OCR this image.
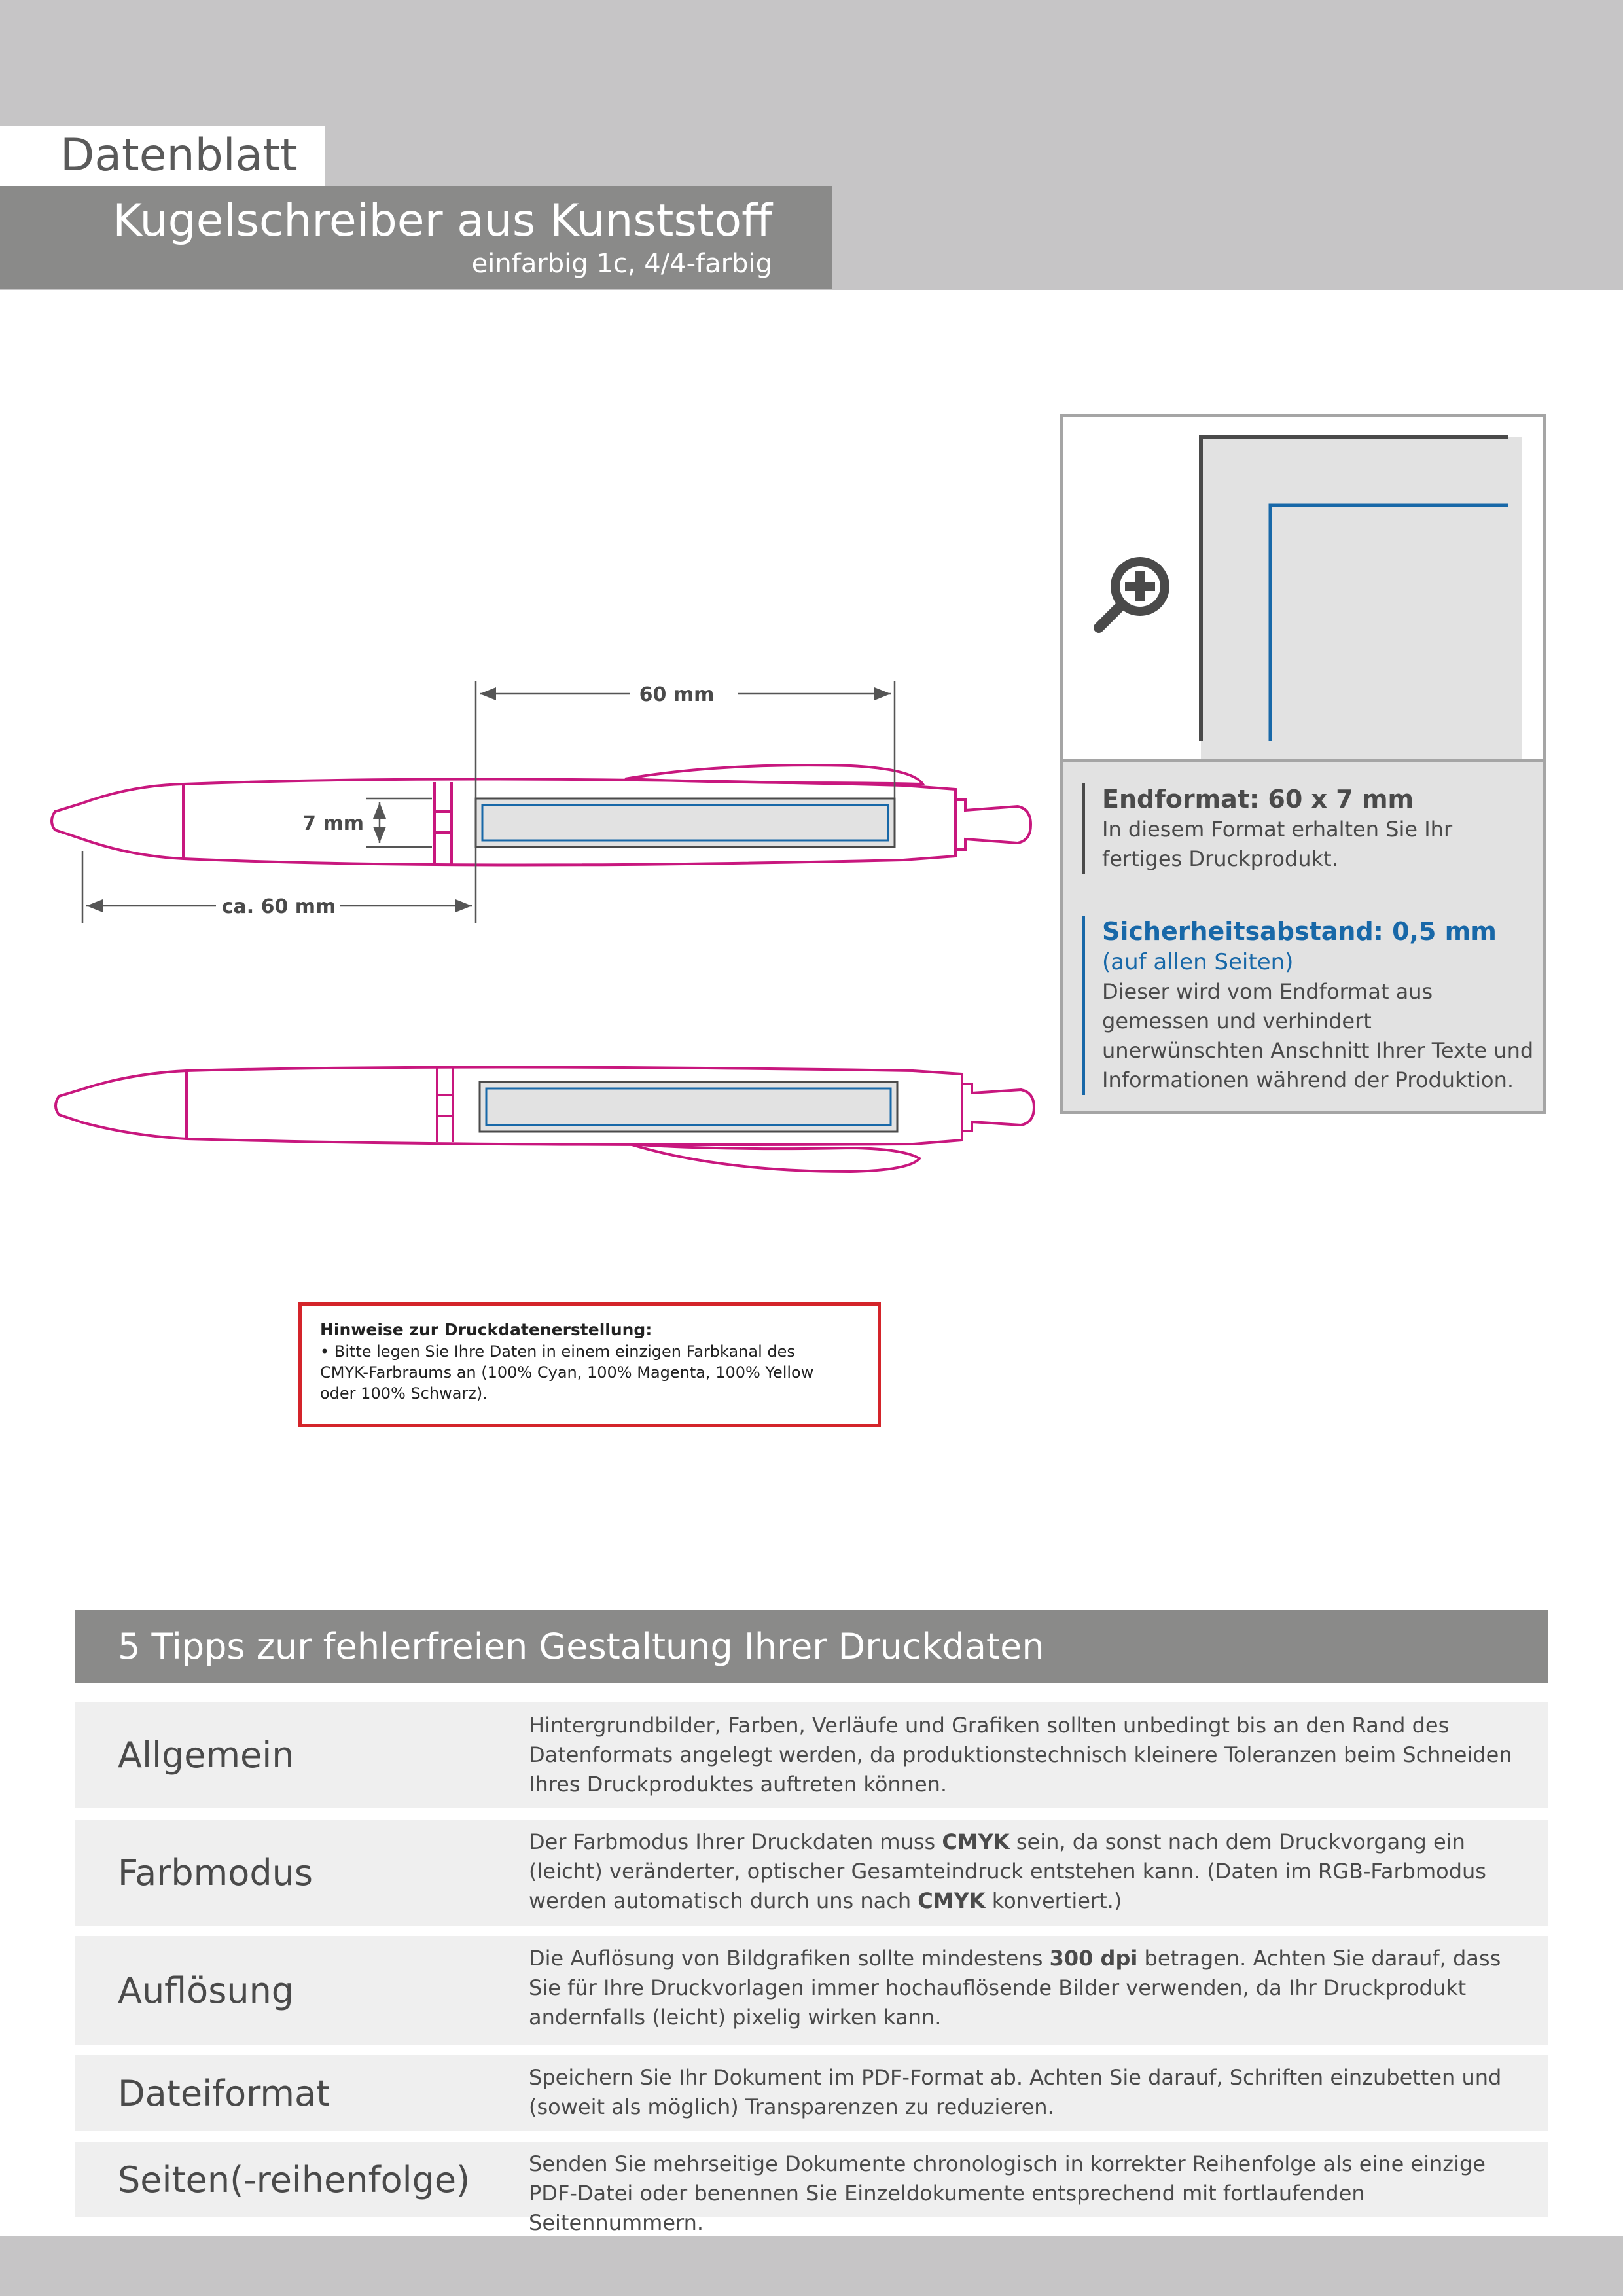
Datenblatt
Kugelschreiber aus Kunststoff
einfarbig 1c, 4/4-farbig
60 mm
7 mm
ca. 60 mm
Endformat: 60 x 7 mm
In diesem Format erhalten Sie Ihr fertiges Druckprodukt.
Sicherheitsabstand: 0,5 mm
(auf allen Seiten)
Dieser wird vom Endformat aus gemessen und verhindert unerwünschten Anschnitt Ihrer Texte und Informationen während der Produktion.
Hinweise zur Druckdatenerstellung:
• Bitte legen Sie Ihre Daten in einem einzigen Farbkanal des
CMYK-Farbraums an (100% Cyan, 100% Magenta, 100% Yellow
oder 100% Schwarz).
5 Tipps zur fehlerfreien Gestaltung Ihrer Druckdaten
Allgemein
Hintergrundbilder, Farben, Verläufe und Grafiken sollten unbedingt bis an den Rand des Datenformats angelegt werden, da produktionstechnisch kleinere Toleranzen beim Schneiden Ihres Druckproduktes auftreten können.
Farbmodus
Der Farbmodus Ihrer Druckdaten muss CMYK sein, da sonst nach dem Druckvorgang ein (leicht) veränderter, optischer Gesamteindruck entstehen kann. (Daten im RGB-Farbmodus werden automatisch durch uns nach CMYK konvertiert.)
Auflösung
Die Auflösung von Bildgrafiken sollte mindestens 300 dpi betragen. Achten Sie darauf, dass Sie für Ihre Druckvorlagen immer hochauflösende Bilder verwenden, da Ihr Druckprodukt andernfalls (leicht) pixelig wirken kann.
Dateiformat	Speichern Sie Ihr Dokument im PDF-Format ab. Achten Sie darauf, Schriften einzubetten und (soweit als möglich) Transparenzen zu reduzieren.
Seiten(-reihenfolge)	Senden Sie mehrseitige Dokumente chronologisch in korrekter Reihenfolge als eine einzige PDF-Datei oder benennen Sie Einzeldokumente entsprechend mit fortlaufenden Seitennummern.
